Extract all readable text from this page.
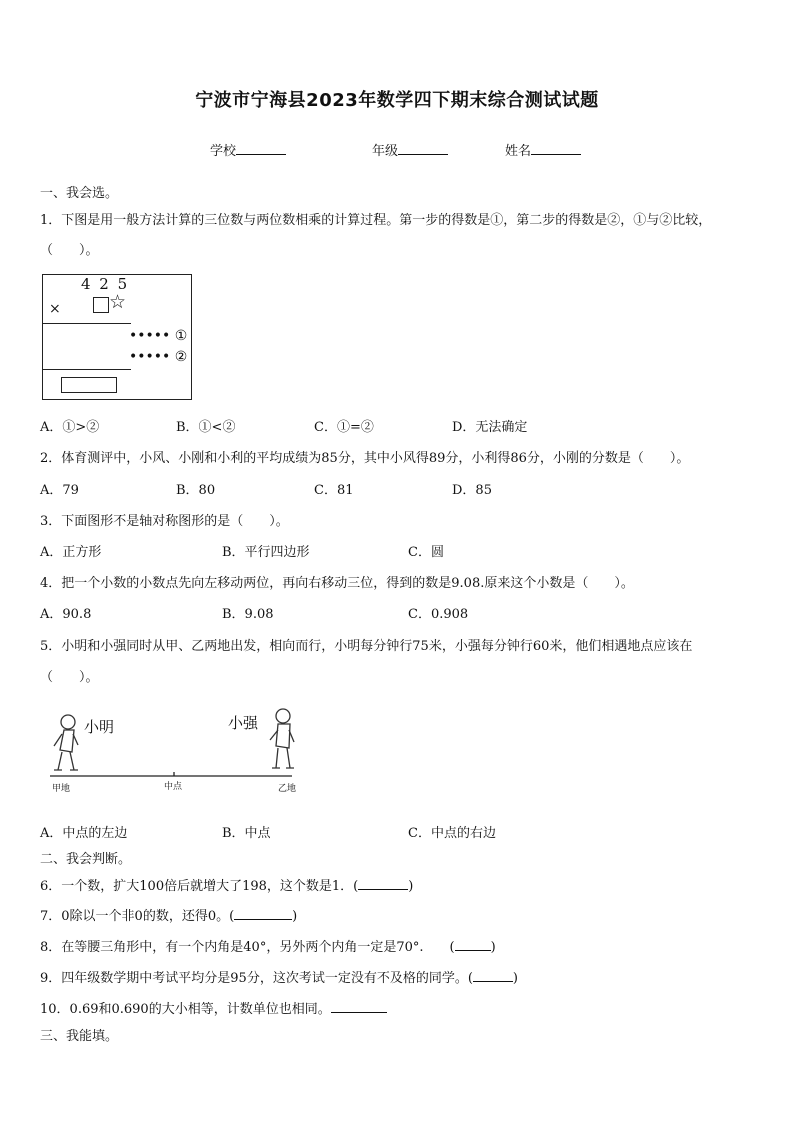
宁波市宁海县2023年数学四下期末综合测试试题
学校	年级	姓名
一、我会选。
1．下图是用一般方法计算的三位数与两位数相乘的计算过程。第一步的得数是①，第二步的得数是②，①与②比较，
（　　）。
4 2 5
×	☆
••••• ①
••••• ②
A．①>②	B．①<②	C．①=②	D．无法确定
2．体育测评中，小风、小刚和小利的平均成绩为85分，其中小风得89分，小利得86分，小刚的分数是（　　）。
A．79	B．80	C．81	D．85
3．下面图形不是轴对称图形的是（　　）。
A．正方形	B．平行四边形	C．圆
4．把一个小数的小数点先向左移动两位，再向右移动三位，得到的数是9.08.原来这个小数是（　　）。
A．90.8	B．9.08	C．0.908
5．小明和小强同时从甲、乙两地出发，相向而行，小明每分钟行75米，小强每分钟行60米，他们相遇地点应该在
（　　）。
小明	小强
甲地	中点	乙地
A．中点的左边	B．中点	C．中点的右边
二、我会判断。
6．一个数，扩大100倍后就增大了198，这个数是1．(	)
7．0除以一个非0的数，还得0。(	)
8．在等腰三角形中，有一个内角是40°，另外两个内角一定是70°.　　(	)
9．四年级数学期中考试平均分是95分，这次考试一定没有不及格的同学。(	)
10．0.69和0.690的大小相等，计数单位也相同。
三、我能填。
